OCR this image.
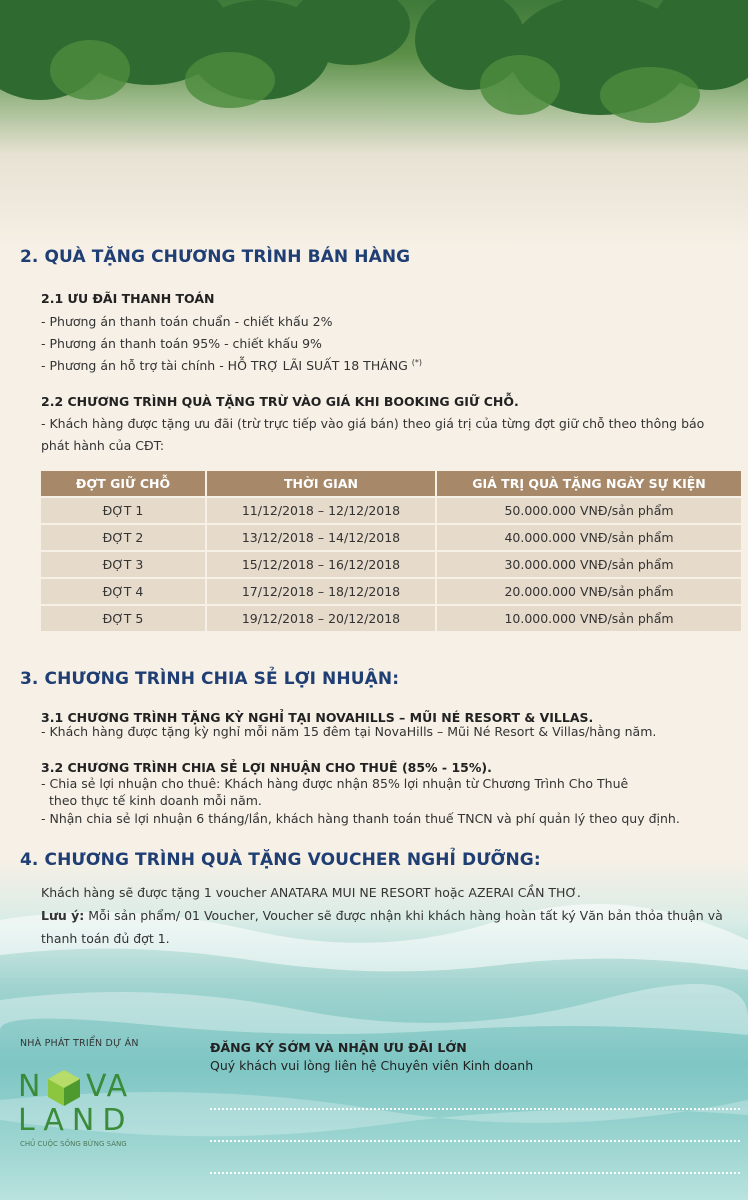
2. QUÀ TẶNG CHƯƠNG TRÌNH BÁN HÀNG
2.1 ƯU ĐÃI THANH TOÁN
- Phương án thanh toán chuẩn - chiết khấu 2%
- Phương án thanh toán 95% - chiết khấu 9%
- Phương án hỗ trợ tài chính - HỖ TRỢ LÃI SUẤT 18 THÁNG (*)
2.2 CHƯƠNG TRÌNH QUÀ TẶNG TRỪ VÀO GIÁ KHI BOOKING GIỮ CHỖ.
- Khách hàng được tặng ưu đãi (trừ trực tiếp vào giá bán) theo giá trị của từng đợt giữ chỗ theo thông báo
phát hành của CĐT:
ĐỢT GIỮ CHỖ	THỜI GIAN	GIÁ TRỊ QUÀ TẶNG NGÀY SỰ KIỆN
ĐỢT 1	11/12/2018 – 12/12/2018	50.000.000 VNĐ/sản phẩm
ĐỢT 2	13/12/2018 – 14/12/2018	40.000.000 VNĐ/sản phẩm
ĐỢT 3	15/12/2018 – 16/12/2018	30.000.000 VNĐ/sản phẩm
ĐỢT 4	17/12/2018 – 18/12/2018	20.000.000 VNĐ/sản phẩm
ĐỢT 5	19/12/2018 – 20/12/2018	10.000.000 VNĐ/sản phẩm
3. CHƯƠNG TRÌNH CHIA SẺ LỢI NHUẬN:
3.1 CHƯƠNG TRÌNH TẶNG KỲ NGHỈ TẠI NOVAHILLS – MŨI NÉ RESORT & VILLAS.
- Khách hàng được tặng kỳ nghỉ mỗi năm 15 đêm tại NovaHills – Mũi Né Resort & Villas/hằng năm.
3.2 CHƯƠNG TRÌNH CHIA SẺ LỢI NHUẬN CHO THUÊ (85% - 15%).
- Chia sẻ lợi nhuận cho thuê: Khách hàng được nhận 85% lợi nhuận từ Chương Trình Cho Thuê
theo thực tế kinh doanh mỗi năm.
- Nhận chia sẻ lợi nhuận 6 tháng/lần, khách hàng thanh toán thuế TNCN và phí quản lý theo quy định.
4. CHƯƠNG TRÌNH QUÀ TẶNG VOUCHER NGHỈ DƯỠNG:
Khách hàng sẽ được tặng 1 voucher ANATARA MUI NE RESORT hoặc AZERAI CẦN THƠ.
Lưu ý: Mỗi sản phẩm/ 01 Voucher, Voucher sẽ được nhận khi khách hàng hoàn tất ký Văn bản thỏa thuận và
thanh toán đủ đợt 1.
NHÀ PHÁT TRIỂN DỰ ÁN
N VA
LAND
CHỦ CUỘC SỐNG BỪNG SÁNG
ĐĂNG KÝ SỚM VÀ NHẬN ƯU ĐÃI LỚN
Quý khách vui lòng liên hệ Chuyên viên Kinh doanh
